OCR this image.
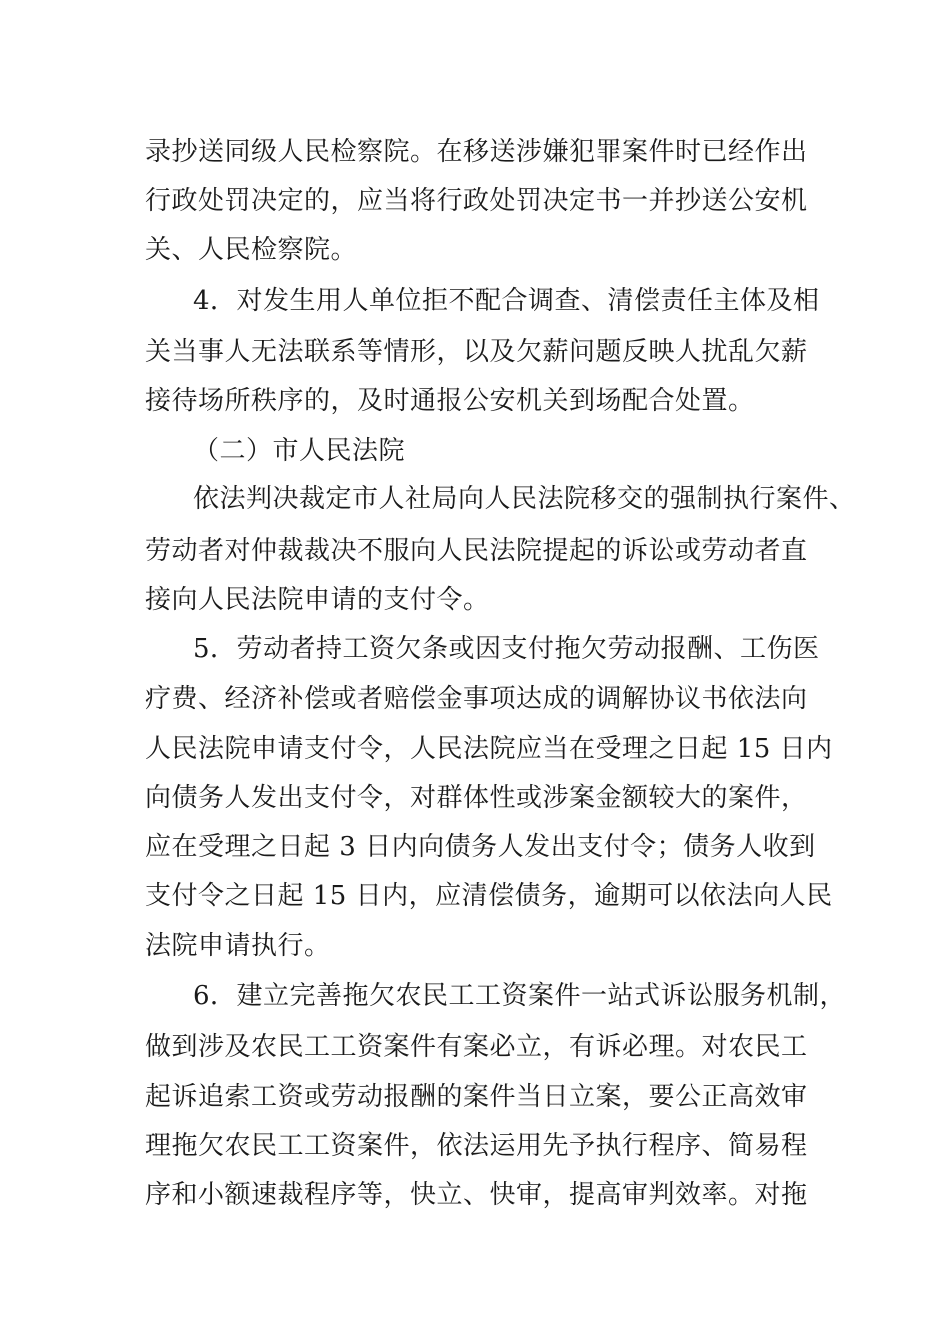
录抄送同级人民检察院。在移送涉嫌犯罪案件时已经作出

行政处罚决定的，应当将行政处罚决定书一并抄送公安机

关、人民检察院。

4．对发生用人单位拒不配合调查、清偿责任主体及相

关当事人无法联系等情形，以及欠薪问题反映人扰乱欠薪

接待场所秩序的，及时通报公安机关到场配合处置。

（二）市人民法院

依法判决裁定市人社局向人民法院移交的强制执行案件、

劳动者对仲裁裁决不服向人民法院提起的诉讼或劳动者直

接向人民法院申请的支付令。

5．劳动者持工资欠条或因支付拖欠劳动报酬、工伤医

疗费、经济补偿或者赔偿金事项达成的调解协议书依法向

人民法院申请支付令，人民法院应当在受理之日起 15 日内

向债务人发出支付令，对群体性或涉案金额较大的案件，

应在受理之日起 3 日内向债务人发出支付令；债务人收到

支付令之日起 15 日内，应清偿债务，逾期可以依法向人民

法院申请执行。

6．建立完善拖欠农民工工资案件一站式诉讼服务机制，

做到涉及农民工工资案件有案必立，有诉必理。对农民工

起诉追索工资或劳动报酬的案件当日立案，要公正高效审

理拖欠农民工工资案件，依法运用先予执行程序、简易程

序和小额速裁程序等，快立、快审，提高审判效率。对拖
